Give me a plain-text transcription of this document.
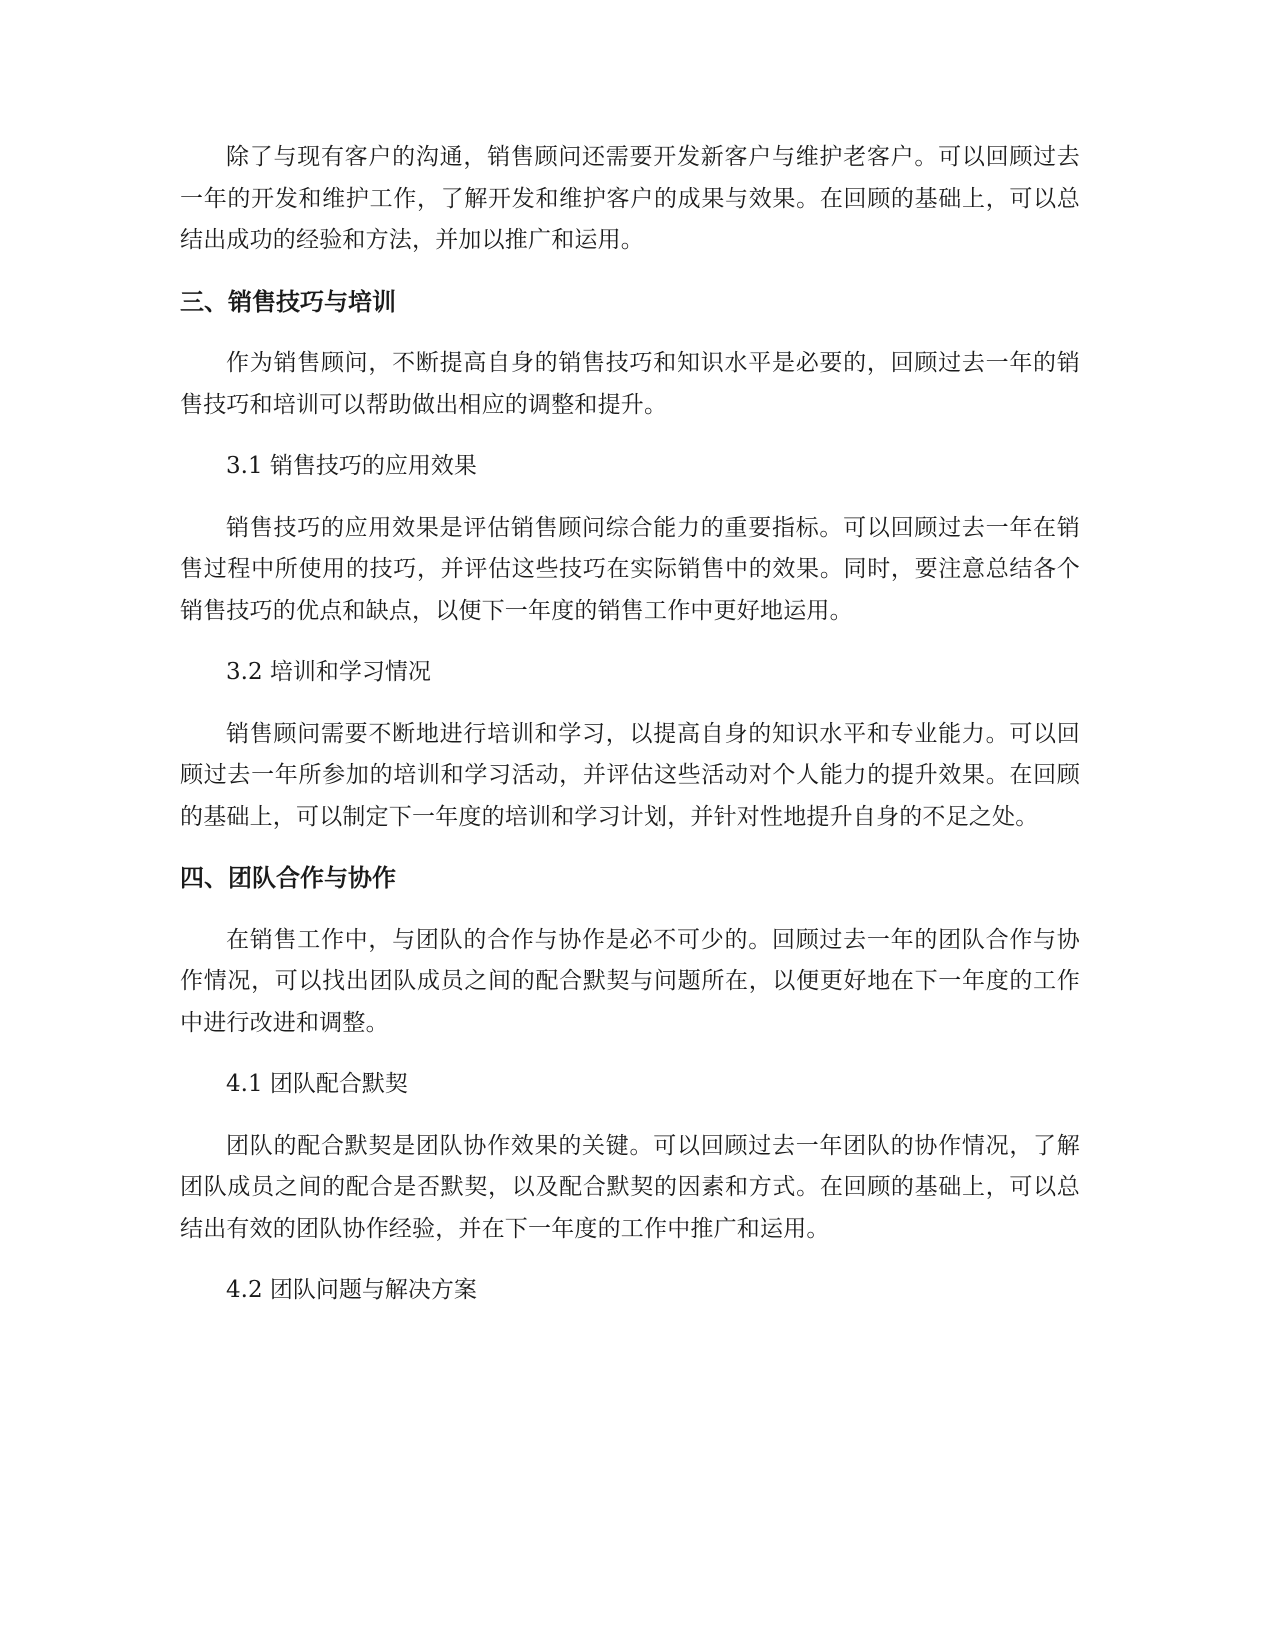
除了与现有客户的沟通，销售顾问还需要开发新客户与维护老客户。可以回顾过去一年的开发和维护工作，了解开发和维护客户的成果与效果。在回顾的基础上，可以总结出成功的经验和方法，并加以推广和运用。

三、销售技巧与培训

作为销售顾问，不断提高自身的销售技巧和知识水平是必要的，回顾过去一年的销售技巧和培训可以帮助做出相应的调整和提升。

3.1 销售技巧的应用效果

销售技巧的应用效果是评估销售顾问综合能力的重要指标。可以回顾过去一年在销售过程中所使用的技巧，并评估这些技巧在实际销售中的效果。同时，要注意总结各个销售技巧的优点和缺点，以便下一年度的销售工作中更好地运用。

3.2 培训和学习情况

销售顾问需要不断地进行培训和学习，以提高自身的知识水平和专业能力。可以回顾过去一年所参加的培训和学习活动，并评估这些活动对个人能力的提升效果。在回顾的基础上，可以制定下一年度的培训和学习计划，并针对性地提升自身的不足之处。

四、团队合作与协作

在销售工作中，与团队的合作与协作是必不可少的。回顾过去一年的团队合作与协作情况，可以找出团队成员之间的配合默契与问题所在，以便更好地在下一年度的工作中进行改进和调整。

4.1 团队配合默契

团队的配合默契是团队协作效果的关键。可以回顾过去一年团队的协作情况，了解团队成员之间的配合是否默契，以及配合默契的因素和方式。在回顾的基础上，可以总结出有效的团队协作经验，并在下一年度的工作中推广和运用。

4.2 团队问题与解决方案
